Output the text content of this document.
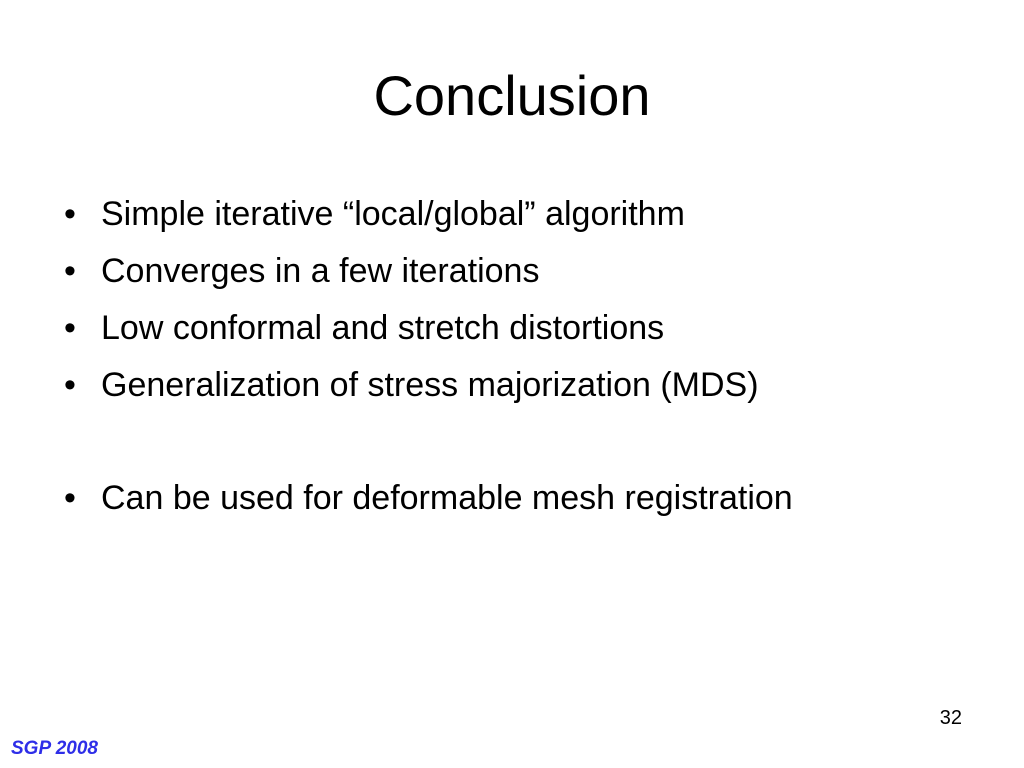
Conclusion
• Simple iterative “local/global” algorithm
• Converges in a few iterations
• Low conformal and stretch distortions
• Generalization of stress majorization (MDS)
• Can be used for deformable mesh registration
32
SGP 2008
